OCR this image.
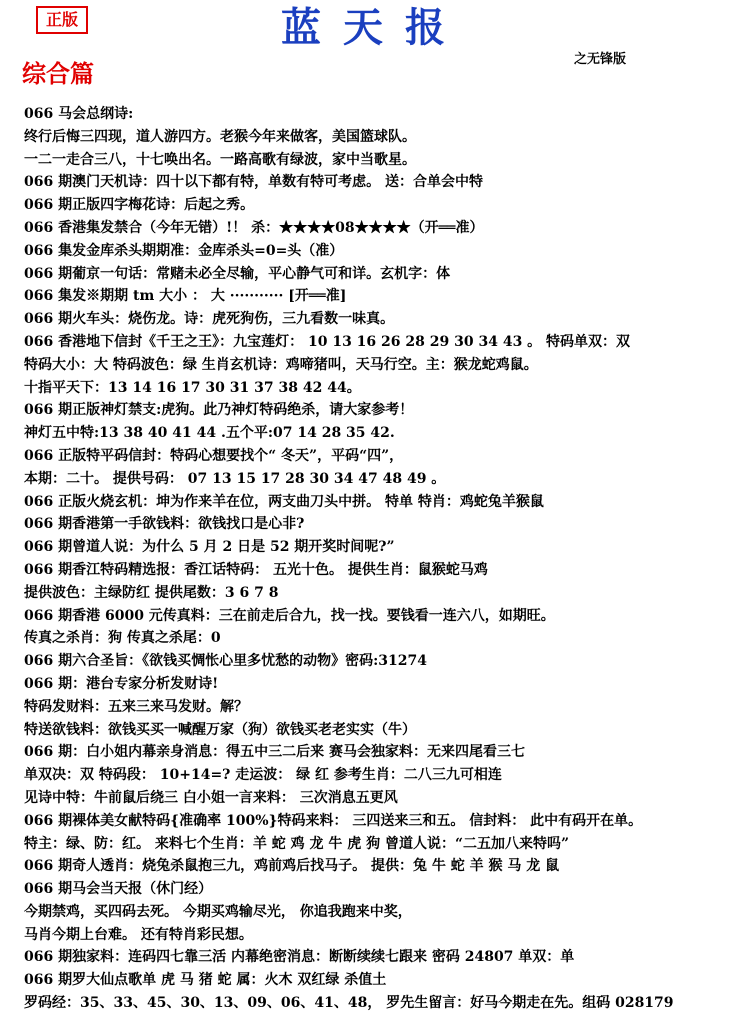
正版	蓝天报
之无锋版
综合篇
066 马会总纲诗:
终行后悔三四现，道人游四方。老猴今年来做客，美国篮球队。
一二一走合三八，十七唤出名。一路高歌有绿波，家中当歌星。
066 期澳门天机诗：四十以下都有特，单数有特可考虑。 送：合单会中特
066 期正版四字梅花诗：后起之秀。
066 香港集发禁合（今年无错）!！ 杀：★★★★08★★★★（开══准）
066 集发金库杀头期期准：金库杀头=0=头（准）
066 期葡京一句话：常赌未必全尽输，平心静气可和详。玄机字：体
066 集发※期期 tm 大小 ： 大 ··········· [开══准]
066 期火车头：烧伤龙。诗：虎死狗伤，三九看数一味真。
066 香港地下信封《千王之王》：九宝莲灯： 10 13 16 26 28 29 30 34 43 。 特码单双：双
特码大小：大 特码波色：绿 生肖玄机诗：鸡啼猪叫，天马行空。主：猴龙蛇鸡鼠。
十指平天下：13 14 16 17 30 31 37 38 42 44。
066 期正版神灯禁支:虎狗。此乃神灯特码绝杀，请大家参考！
神灯五中特:13 38 40 41 44 .五个平:07 14 28 35 42.
066 正版特平码信封：特码心想要找个“ 冬天”，平码“四”，
本期：二十。 提供号码： 07 13 15 17 28 30 34 47 48 49 。
066 正版火烧玄机：坤为作来羊在位，两支曲刀头中拼。 特单 特肖：鸡蛇兔羊猴鼠
066 期香港第一手欲钱料：欲钱找口是心非?
066 期曾道人说：为什么 5 月 2 日是 52 期开奖时间呢?”
066 期香江特码精选报：香江话特码： 五光十色。 提供生肖：鼠猴蛇马鸡
提供波色：主绿防红 提供尾数：3 6 7 8
066 期香港 6000 元传真料：三在前走后合九，找一找。要钱看一连六八，如期旺。
传真之杀肖：狗 传真之杀尾：0
066 期六合圣旨：《欲钱买惆怅心里多忧愁的动物》密码:31274
066 期：港台专家分析发财诗!
特码发财料：五来三来马发财。解？
特送欲钱料：欲钱买买一喊醒万家（狗）欲钱买老老实实（牛）
066 期：白小姐内幕亲身消息：得五中三二后来 赛马会独家料：无来四尾看三七
单双决：双 特码段： 10+14=? 走运波： 绿 红 参考生肖：二八三九可相连
见诗中特：牛前鼠后绕三 白小姐一言来料： 三次消息五更风
066 期裸体美女献特码{准确率 100%}特码来料： 三四送来三和五。 信封料： 此中有码开在单。
特主：绿、防：红。 来料七个生肖：羊 蛇 鸡 龙 牛 虎 狗 曾道人说：“二五加八来特吗”
066 期奇人透肖：烧兔杀鼠抱三九，鸡前鸡后找马子。 提供：兔 牛 蛇 羊 猴 马 龙 鼠
066 期马会当天报（休门经）
今期禁鸡，买四码去死。 今期买鸡输尽光， 你追我跑来中奖，
马肖今期上台难。 还有特肖彩民想。
066 期独家料：连码四七靠三活 内幕绝密消息：断断续续七跟来 密码 24807 单双：单
066 期罗大仙点歌单 虎 马 猪 蛇 属：火木 双红绿 杀值土
罗码经：35、33、45、30、13、09、06、41、48， 罗先生留言：好马今期走在先。组码 028179
